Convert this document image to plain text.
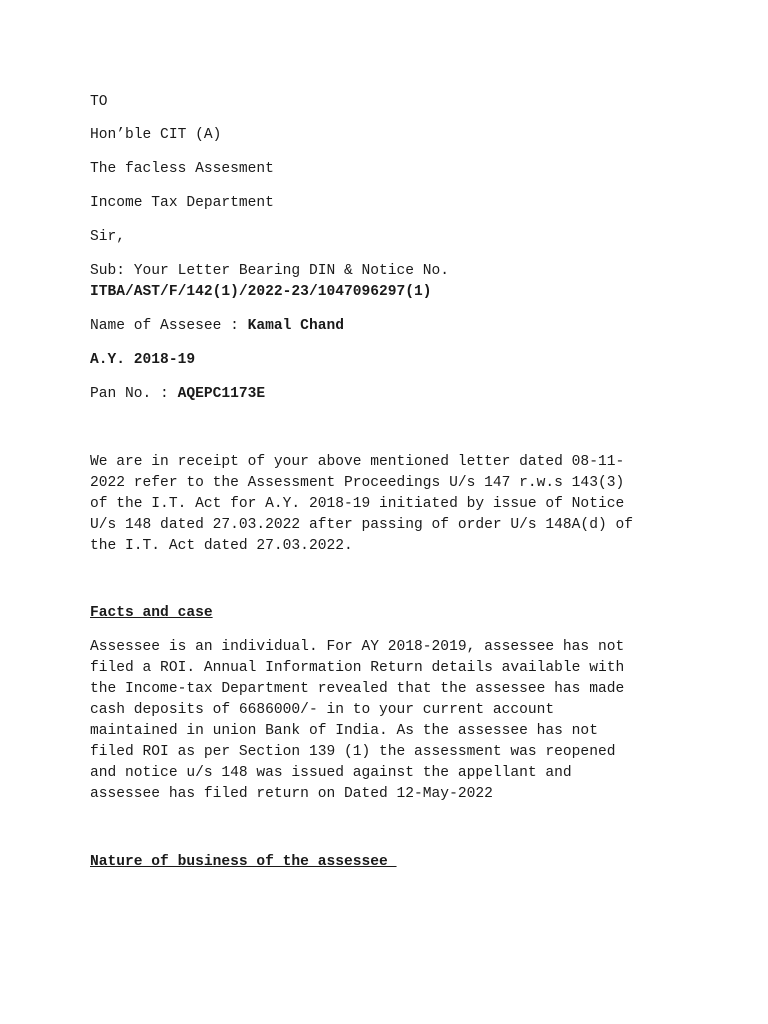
TO
Hon’ble CIT (A)
The facless Assesment
Income Tax Department
Sir,
Sub: Your Letter Bearing DIN & Notice No.
ITBA/AST/F/142(1)/2022-23/1047096297(1)
Name of Assesee : Kamal Chand
A.Y. 2018-19
Pan No. : AQEPC1173E
We are in receipt of your above mentioned letter dated 08-11-
2022 refer to the Assessment Proceedings U/s 147 r.w.s 143(3)
of the I.T. Act for A.Y. 2018-19 initiated by issue of Notice
U/s 148 dated 27.03.2022 after passing of order U/s 148A(d) of
the I.T. Act dated 27.03.2022.
Facts and case
Assessee is an individual. For AY 2018-2019, assessee has not
filed a ROI. Annual Information Return details available with
the Income-tax Department revealed that the assessee has made
cash deposits of 6686000/- in to your current account
maintained in union Bank of India. As the assessee has not
filed ROI as per Section 139 (1) the assessment was reopened
and notice u/s 148 was issued against the appellant and
assessee has filed return on Dated 12-May-2022
Nature of business of the assessee
